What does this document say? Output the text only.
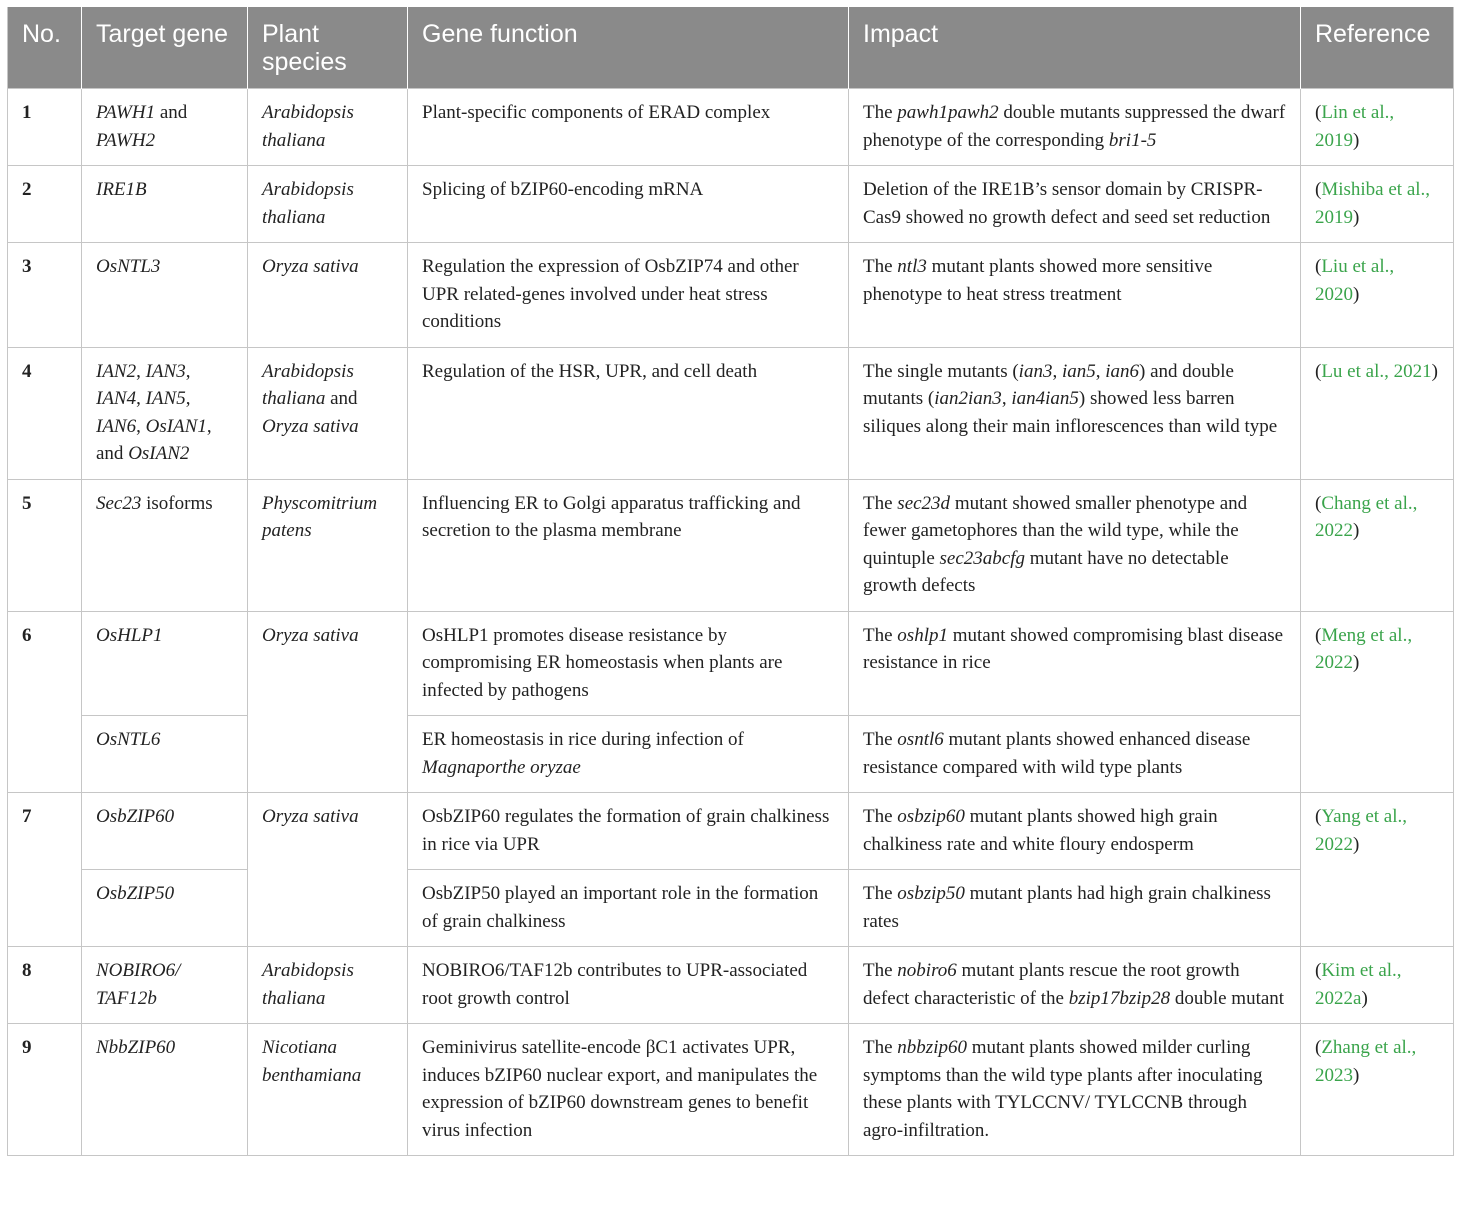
No.	Target gene	Plant species	Gene function	Impact	Reference
1	PAWH1 and PAWH2	Arabidopsis thaliana	Plant-specific components of ERAD complex	The pawh1pawh2 double mutants suppressed the dwarf phenotype of the corresponding bri1-5	(Lin et al., 2019)
2	IRE1B	Arabidopsis thaliana	Splicing of bZIP60-encoding mRNA	Deletion of the IRE1B’s sensor domain by CRISPR-Cas9 showed no growth defect and seed set reduction	(Mishiba et al., 2019)
3	OsNTL3	Oryza sativa	Regulation the expression of OsbZIP74 and other UPR related-genes involved under heat stress conditions	The ntl3 mutant plants showed more sensitive phenotype to heat stress treatment	(Liu et al., 2020)
4	IAN2, IAN3, IAN4, IAN5, IAN6, OsIAN1, and OsIAN2	Arabidopsis thaliana and Oryza sativa	Regulation of the HSR, UPR, and cell death	The single mutants (ian3, ian5, ian6) and double mutants (ian2ian3, ian4ian5) showed less barren siliques along their main inflorescences than wild type	(Lu et al., 2021)
5	Sec23 isoforms	Physcomitrium patens	Influencing ER to Golgi apparatus trafficking and secretion to the plasma membrane	The sec23d mutant showed smaller phenotype and fewer gametophores than the wild type, while the quintuple sec23abcfg mutant have no detectable growth defects	(Chang et al., 2022)
6	OsHLP1	Oryza sativa	OsHLP1 promotes disease resistance by compromising ER homeostasis when plants are infected by pathogens	The oshlp1 mutant showed compromising blast disease resistance in rice	(Meng et al., 2022)
	OsNTL6		ER homeostasis in rice during infection of Magnaporthe oryzae	The osntl6 mutant plants showed enhanced disease resistance compared with wild type plants	
7	OsbZIP60	Oryza sativa	OsbZIP60 regulates the formation of grain chalkiness in rice via UPR	The osbzip60 mutant plants showed high grain chalkiness rate and white floury endosperm	(Yang et al., 2022)
	OsbZIP50		OsbZIP50 played an important role in the formation of grain chalkiness	The osbzip50 mutant plants had high grain chalkiness rates	
8	NOBIRO6/ TAF12b	Arabidopsis thaliana	NOBIRO6/TAF12b contributes to UPR-associated root growth control	The nobiro6 mutant plants rescue the root growth defect characteristic of the bzip17bzip28 double mutant	(Kim et al., 2022a)
9	NbbZIP60	Nicotiana benthamiana	Geminivirus satellite-encode βC1 activates UPR, induces bZIP60 nuclear export, and manipulates the expression of bZIP60 downstream genes to benefit virus infection	The nbbzip60 mutant plants showed milder curling symptoms than the wild type plants after inoculating these plants with TYLCCNV/ TYLCCNB through agro-infiltration.	(Zhang et al., 2023)
